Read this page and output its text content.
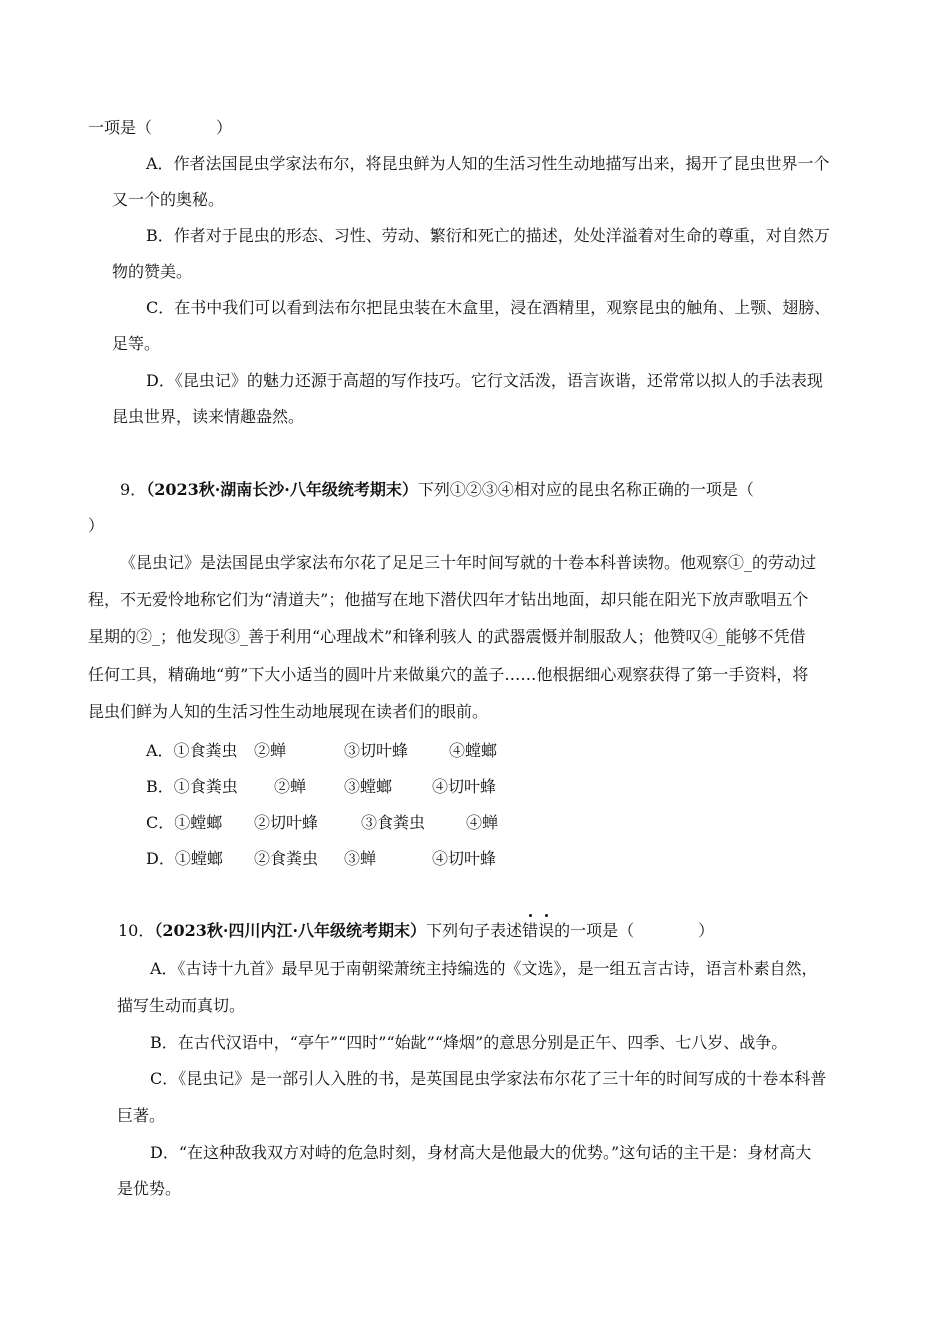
一项是（　　　　）
A．作者法国昆虫学家法布尔，将昆虫鲜为人知的生活习性生动地描写出来，揭开了昆虫世界一个
又一个的奥秘。
B．作者对于昆虫的形态、习性、劳动、繁衍和死亡的描述，处处洋溢着对生命的尊重，对自然万
物的赞美。
C．在书中我们可以看到法布尔把昆虫装在木盒里，浸在酒精里，观察昆虫的触角、上颚、翅膀、
足等。
D．《昆虫记》的魅力还源于高超的写作技巧。它行文活泼，语言诙谐，还常常以拟人的手法表现
昆虫世界，读来情趣盎然。
9．（2023秋·湖南长沙·八年级统考期末）下列①②③④相对应的昆虫名称正确的一项是（
）
《昆虫记》是法国昆虫学家法布尔花了足足三十年时间写就的十卷本科普读物。他观察①_的劳动过
程，不无爱怜地称它们为“清道夫”；他描写在地下潜伏四年才钻出地面，却只能在阳光下放声歌唱五个
星期的②_；他发现③_善于利用“心理战术”和锋利骇人 的武器震慑并制服敌人；他赞叹④_能够不凭借
任何工具，精确地“剪”下大小适当的圆叶片来做巢穴的盖子……他根据细心观察获得了第一手资料，将
昆虫们鲜为人知的生活习性生动地展现在读者们的眼前。
A．①食粪虫 ②蝉	③切叶蜂	④螳螂
B．①食粪虫 ②蝉 ③螳螂 ④切叶蜂
C．①螳螂 ②切叶蜂	③食粪虫	④蝉
D．①螳螂 ②食粪虫 ③蝉	④切叶蜂
10．（2023秋·四川内江·八年级统考期末）下列句子表述错误的一项是（　　　　）
A．《古诗十九首》最早见于南朝梁萧统主持编选的《文选》，是一组五言古诗，语言朴素自然，
描写生动而真切。
B．在古代汉语中，“亭午”“四时”“始龀”“烽烟”的意思分别是正午、四季、七八岁、战争。
C．《昆虫记》是一部引人入胜的书，是英国昆虫学家法布尔花了三十年的时间写成的十卷本科普
巨著。
D．“在这种敌我双方对峙的危急时刻，身材高大是他最大的优势。”这句话的主干是：身材高大
是优势。
